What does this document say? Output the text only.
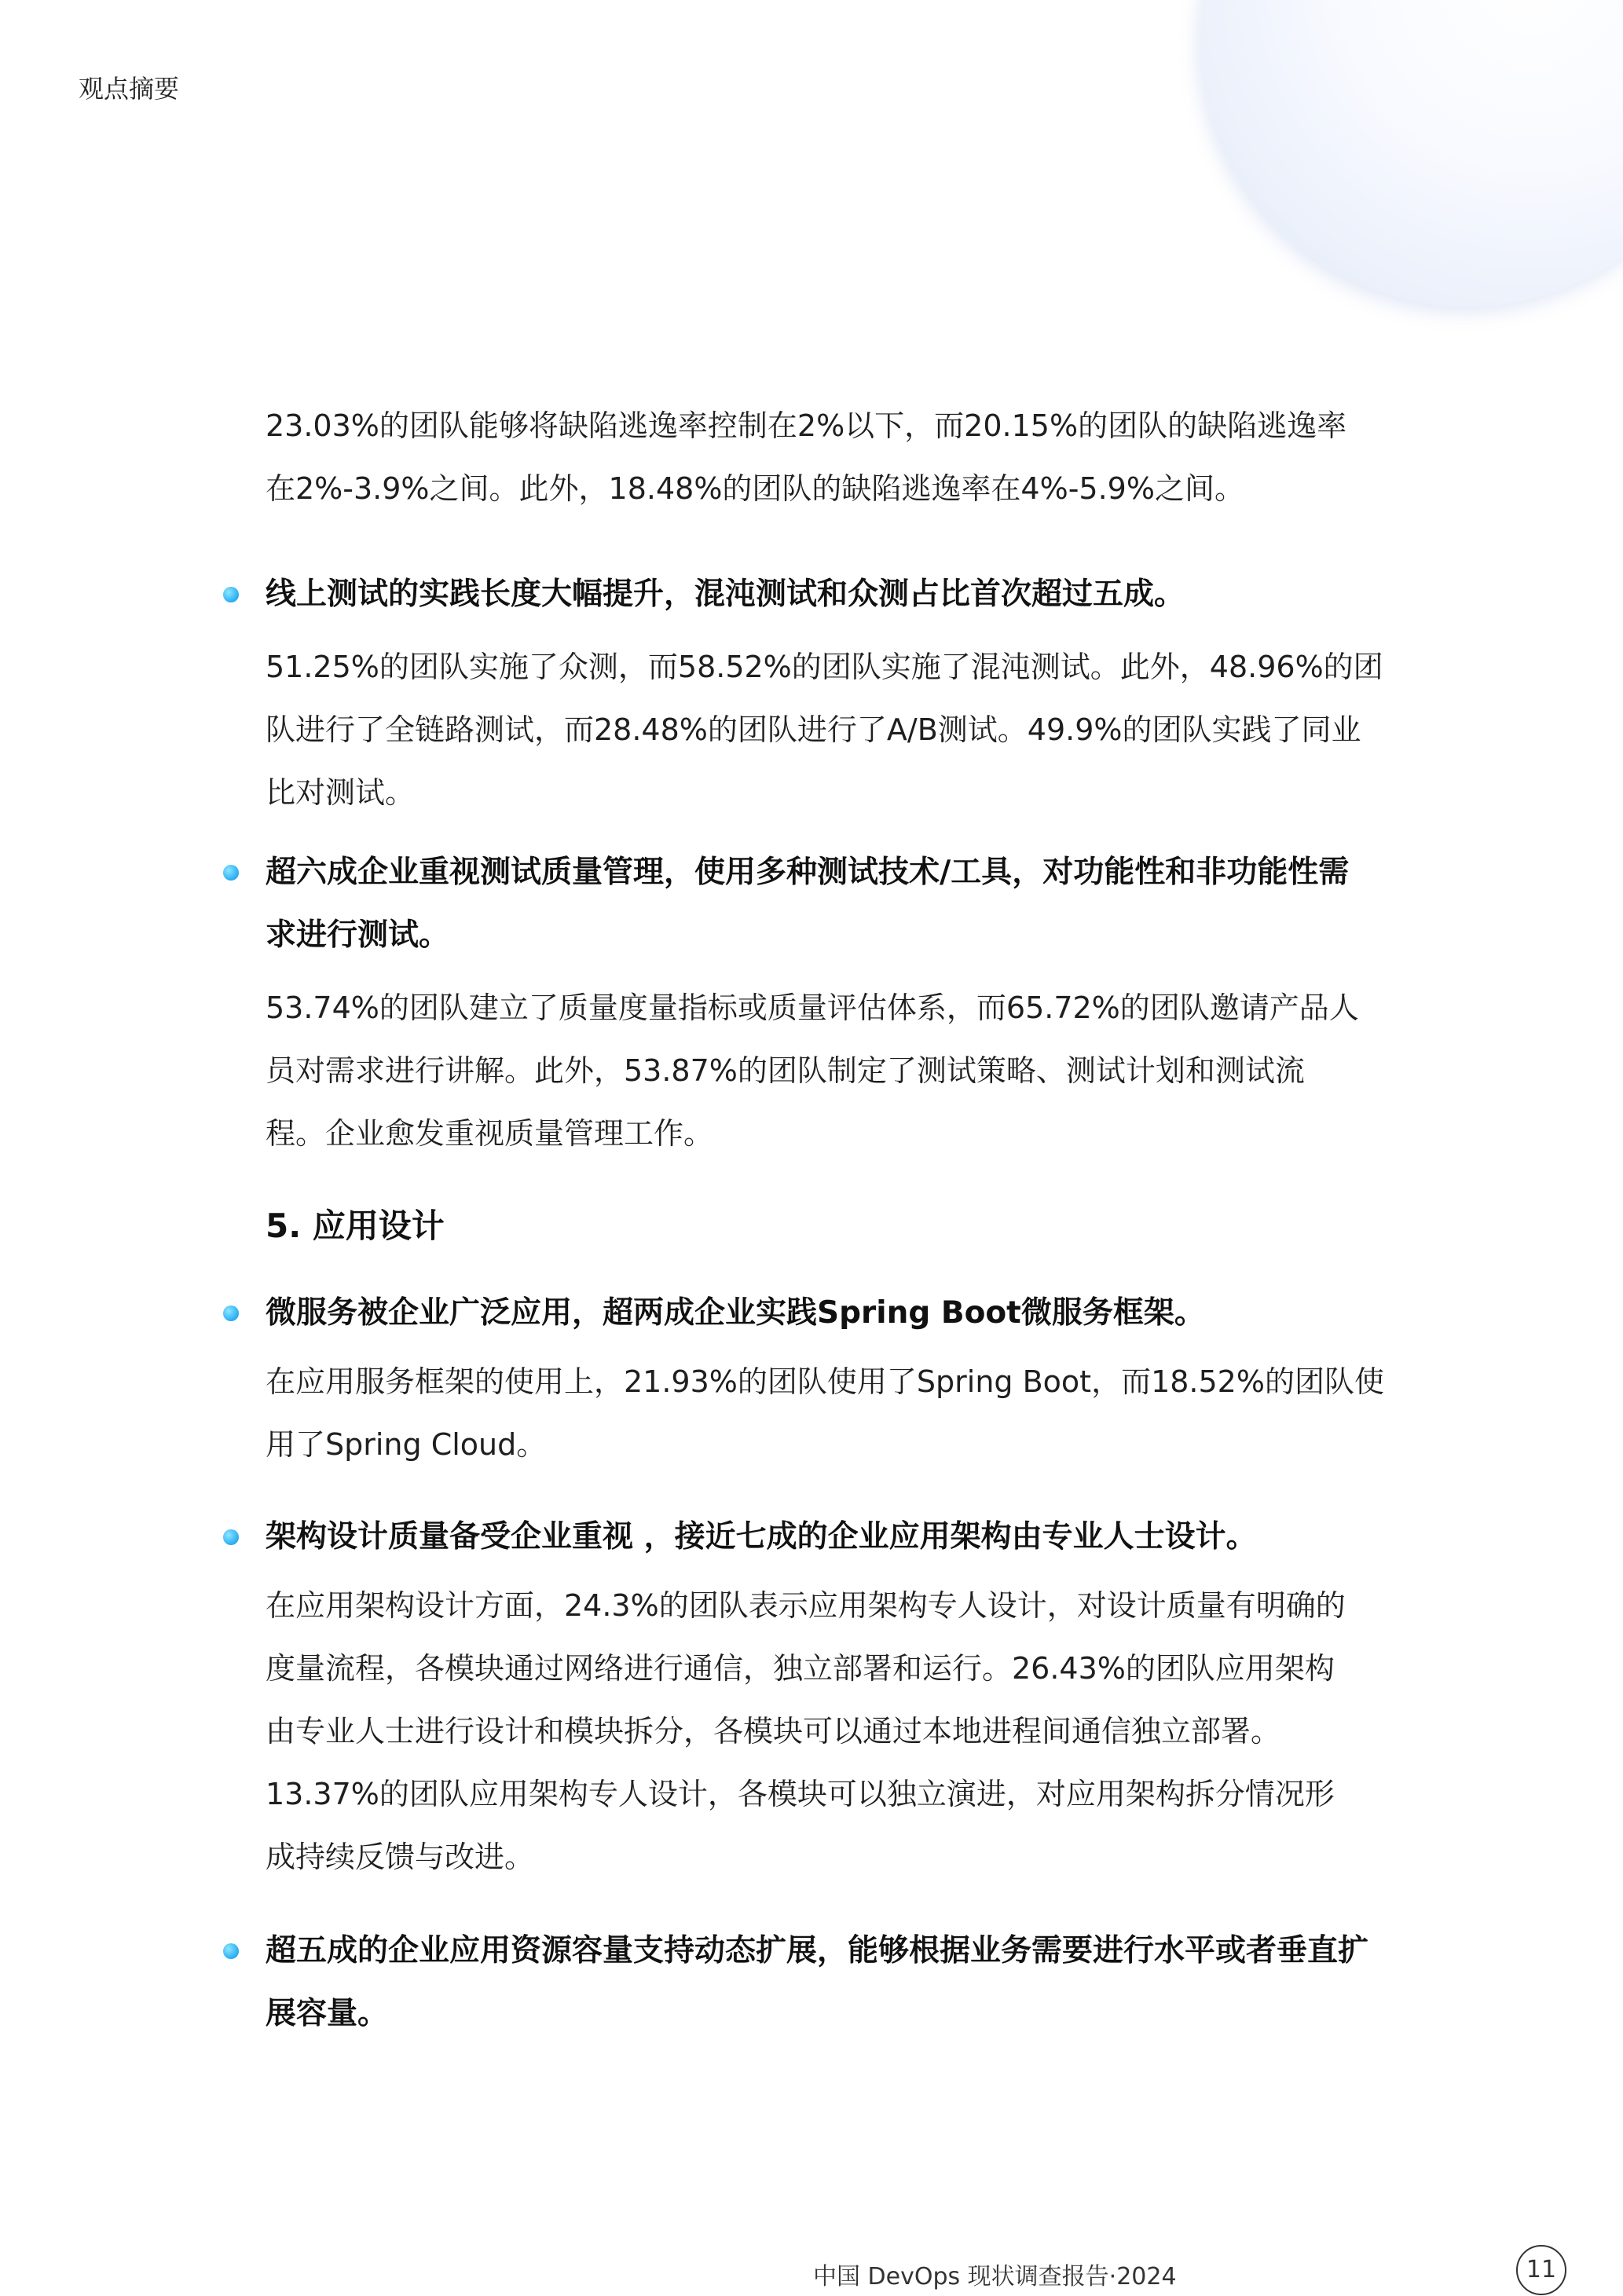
观点摘要
23.03%的团队能够将缺陷逃逸率控制在2%以下，而20.15%的团队的缺陷逃逸率
在2%-3.9%之间。此外，18.48%的团队的缺陷逃逸率在4%-5.9%之间。
线上测试的实践长度大幅提升，混沌测试和众测占比首次超过五成。
51.25%的团队实施了众测，而58.52%的团队实施了混沌测试。此外，48.96%的团
队进行了全链路测试，而28.48%的团队进行了A/B测试。49.9%的团队实践了同业
比对测试。
超六成企业重视测试质量管理，使用多种测试技术/工具，对功能性和非功能性需
求进行测试。
53.74%的团队建立了质量度量指标或质量评估体系，而65.72%的团队邀请产品人
员对需求进行讲解。此外，53.87%的团队制定了测试策略、测试计划和测试流
程。企业愈发重视质量管理工作。
5. 应用设计
微服务被企业广泛应用，超两成企业实践Spring Boot微服务框架。
在应用服务框架的使用上，21.93%的团队使用了Spring Boot，而18.52%的团队使
用了Spring Cloud。
架构设计质量备受企业重视 ，接近七成的企业应用架构由专业人士设计。
在应用架构设计方面，24.3%的团队表示应用架构专人设计，对设计质量有明确的
度量流程，各模块通过网络进行通信，独立部署和运行。26.43%的团队应用架构
由专业人士进行设计和模块拆分，各模块可以通过本地进程间通信独立部署。
13.37%的团队应用架构专人设计，各模块可以独立演进，对应用架构拆分情况形
成持续反馈与改进。
超五成的企业应用资源容量支持动态扩展，能够根据业务需要进行水平或者垂直扩
展容量。
中国 DevOps 现状调查报告·2024	11
